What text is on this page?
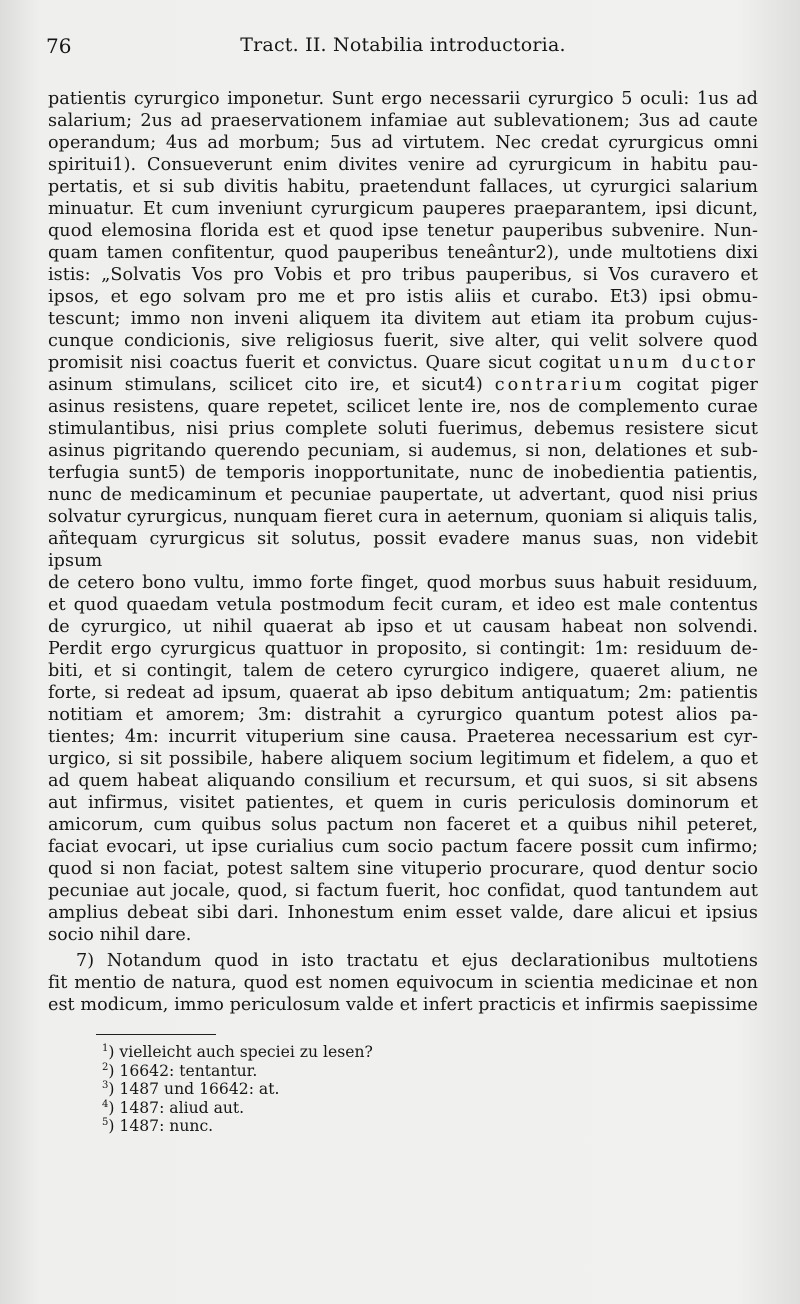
76	Tract. II. Notabilia introductoria.

patientis cyrurgico imponetur. Sunt ergo necessarii cyrurgico 5 oculi: 1us ad

salarium; 2us ad praeservationem infamiae aut sublevationem; 3us ad caute

operandum; 4us ad morbum; 5us ad virtutem. Nec credat cyrurgicus omni

spiritui1). Consueverunt enim divites venire ad cyrurgicum in habitu pau-

pertatis, et si sub divitis habitu, praetendunt fallaces, ut cyrurgici salarium

minuatur. Et cum inveniunt cyrurgicum pauperes praeparantem, ipsi dicunt,

quod elemosina florida est et quod ipse tenetur pauperibus subvenire. Nun-

quam tamen confitentur, quod pauperibus teneântur2), unde multotiens dixi

istis: „Solvatis Vos pro Vobis et pro tribus pauperibus, si Vos curavero et

ipsos, et ego solvam pro me et pro istis aliis et curabo. Et3) ipsi obmu-

tescunt; immo non inveni aliquem ita divitem aut etiam ita probum cujus-

cunque condicionis, sive religiosus fuerit, sive alter, qui velit solvere quod

promisit nisi coactus fuerit et convictus. Quare sicut cogitat unum ductor

asinum stimulans, scilicet cito ire, et sicut4) contrarium cogitat piger

asinus resistens, quare repetet, scilicet lente ire, nos de complemento curae

stimulantibus, nisi prius complete soluti fuerimus, debemus resistere sicut

asinus pigritando querendo pecuniam, si audemus, si non, delationes et sub-

terfugia sunt5) de temporis inopportunitate, nunc de inobedientia patientis,

nunc de medicaminum et pecuniae paupertate, ut advertant, quod nisi prius

solvatur cyrurgicus, nunquam fieret cura in aeternum, quoniam si aliquis talis,

añtequam cyrurgicus sit solutus, possit evadere manus suas, non videbit ipsum

de cetero bono vultu, immo forte finget, quod morbus suus habuit residuum,

et quod quaedam vetula postmodum fecit curam, et ideo est male contentus

de cyrurgico, ut nihil quaerat ab ipso et ut causam habeat non solvendi.

Perdit ergo cyrurgicus quattuor in proposito, si contingit: 1m: residuum de-

biti, et si contingit, talem de cetero cyrurgico indigere, quaeret alium, ne

forte, si redeat ad ipsum, quaerat ab ipso debitum antiquatum; 2m: patientis

notitiam et amorem; 3m: distrahit a cyrurgico quantum potest alios pa-

tientes; 4m: incurrit vituperium sine causa. Praeterea necessarium est cyr-

urgico, si sit possibile, habere aliquem socium legitimum et fidelem, a quo et

ad quem habeat aliquando consilium et recursum, et qui suos, si sit absens

aut infirmus, visitet patientes, et quem in curis periculosis dominorum et

amicorum, cum quibus solus pactum non faceret et a quibus nihil peteret,

faciat evocari, ut ipse curialius cum socio pactum facere possit cum infirmo;

quod si non faciat, potest saltem sine vituperio procurare, quod dentur socio

pecuniae aut jocale, quod, si factum fuerit, hoc confidat, quod tantundem aut

amplius debeat sibi dari. Inhonestum enim esset valde, dare alicui et ipsius

socio nihil dare.

7) Notandum quod in isto tractatu et ejus declarationibus multotiens

fit mentio de natura, quod est nomen equivocum in scientia medicinae et non

est modicum, immo periculosum valde et infert practicis et infirmis saepissime

$^1$) vielleicht auch speciei zu lesen?
$^2$) 16642: tentantur.
$^3$) 1487 und 16642: at.
$^4$) 1487: aliud aut.
$^5$) 1487: nunc.
